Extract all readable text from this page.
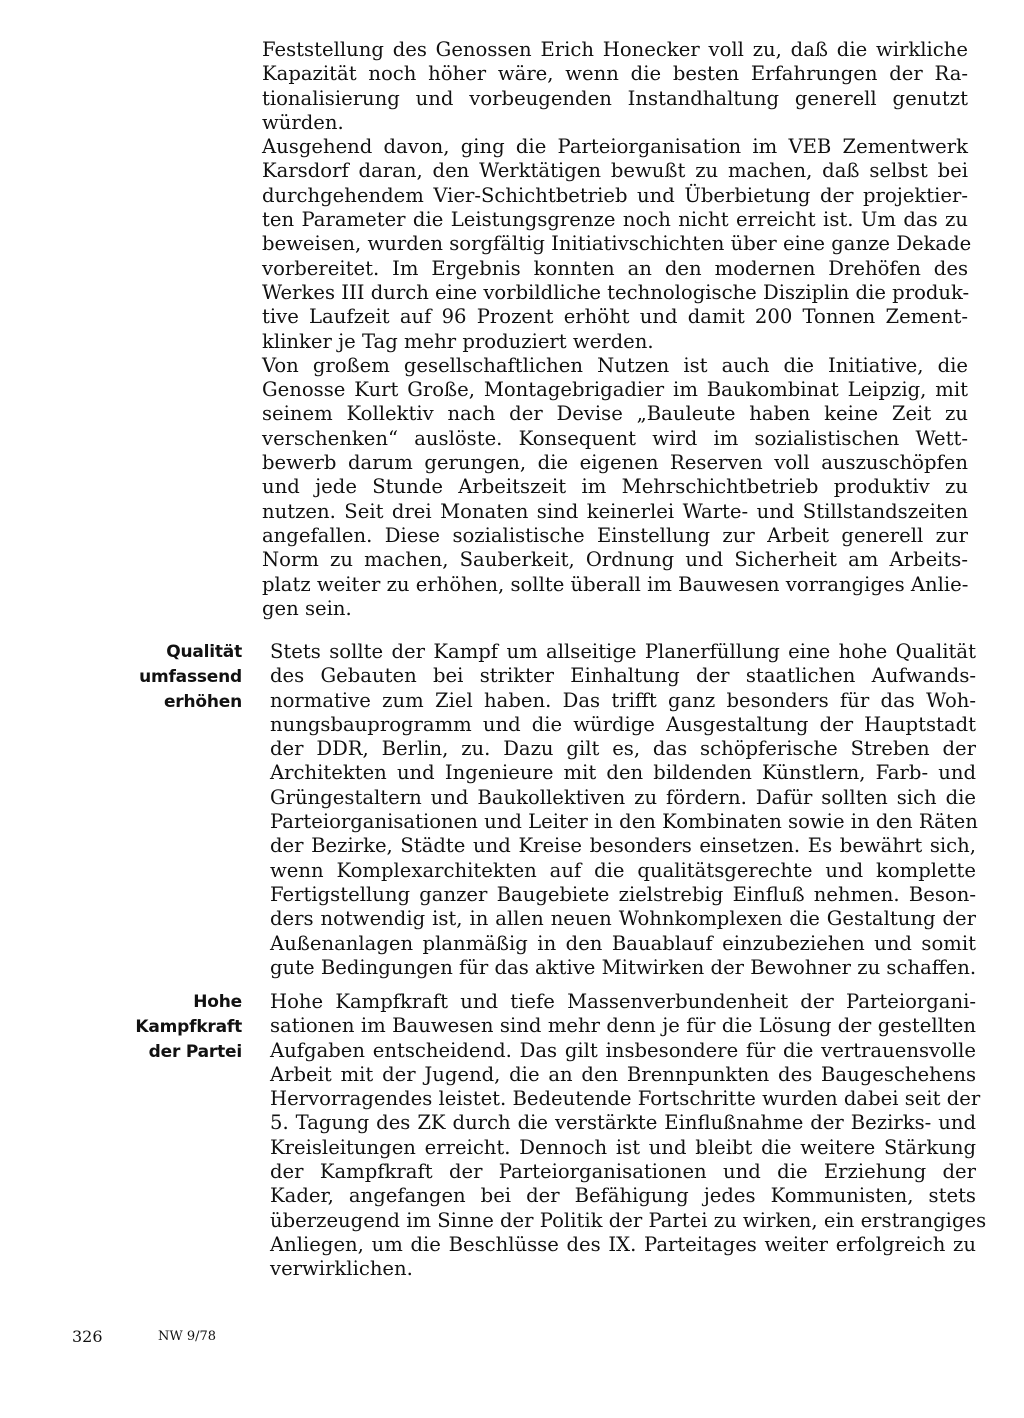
Feststellung des Genossen Erich Honecker voll zu, daß die wirkliche
Kapazität noch höher wäre, wenn die besten Erfahrungen der Ra-
tionalisierung und vorbeugenden Instandhaltung generell genutzt
würden.
Ausgehend davon, ging die Parteiorganisation im VEB Zementwerk
Karsdorf daran, den Werktätigen bewußt zu machen, daß selbst bei
durchgehendem Vier-Schichtbetrieb und Überbietung der projektier-
ten Parameter die Leistungsgrenze noch nicht erreicht ist. Um das zu
beweisen, wurden sorgfältig Initiativschichten über eine ganze Dekade
vorbereitet. Im Ergebnis konnten an den modernen Drehöfen des
Werkes III durch eine vorbildliche technologische Disziplin die produk-
tive Laufzeit auf 96 Prozent erhöht und damit 200 Tonnen Zement-
klinker je Tag mehr produziert werden.
Von großem gesellschaftlichen Nutzen ist auch die Initiative, die
Genosse Kurt Große, Montagebrigadier im Baukombinat Leipzig, mit
seinem Kollektiv nach der Devise „Bauleute haben keine Zeit zu
verschenken“ auslöste. Konsequent wird im sozialistischen Wett-
bewerb darum gerungen, die eigenen Reserven voll auszuschöpfen
und jede Stunde Arbeitszeit im Mehrschichtbetrieb produktiv zu
nutzen. Seit drei Monaten sind keinerlei Warte- und Stillstandszeiten
angefallen. Diese sozialistische Einstellung zur Arbeit generell zur
Norm zu machen, Sauberkeit, Ordnung und Sicherheit am Arbeits-
platz weiter zu erhöhen, sollte überall im Bauwesen vorrangiges Anlie-
gen sein.
Qualität
umfassend
erhöhen
Stets sollte der Kampf um allseitige Planerfüllung eine hohe Qualität
des Gebauten bei strikter Einhaltung der staatlichen Aufwands-
normative zum Ziel haben. Das trifft ganz besonders für das Woh-
nungsbauprogramm und die würdige Ausgestaltung der Hauptstadt
der DDR, Berlin, zu. Dazu gilt es, das schöpferische Streben der
Architekten und Ingenieure mit den bildenden Künstlern, Farb- und
Grüngestaltern und Baukollektiven zu fördern. Dafür sollten sich die
Parteiorganisationen und Leiter in den Kombinaten sowie in den Räten
der Bezirke, Städte und Kreise besonders einsetzen. Es bewährt sich,
wenn Komplexarchitekten auf die qualitätsgerechte und komplette
Fertigstellung ganzer Baugebiete zielstrebig Einfluß nehmen. Beson-
ders notwendig ist, in allen neuen Wohnkomplexen die Gestaltung der
Außenanlagen planmäßig in den Bauablauf einzubeziehen und somit
gute Bedingungen für das aktive Mitwirken der Bewohner zu schaffen.
Hohe
Kampfkraft
der Partei
Hohe Kampfkraft und tiefe Massenverbundenheit der Parteiorgani-
sationen im Bauwesen sind mehr denn je für die Lösung der gestellten
Aufgaben entscheidend. Das gilt insbesondere für die vertrauensvolle
Arbeit mit der Jugend, die an den Brennpunkten des Baugeschehens
Hervorragendes leistet. Bedeutende Fortschritte wurden dabei seit der
5. Tagung des ZK durch die verstärkte Einflußnahme der Bezirks- und
Kreisleitungen erreicht. Dennoch ist und bleibt die weitere Stärkung
der Kampfkraft der Parteiorganisationen und die Erziehung der
Kader, angefangen bei der Befähigung jedes Kommunisten, stets
überzeugend im Sinne der Politik der Partei zu wirken, ein erstrangiges
Anliegen, um die Beschlüsse des IX. Parteitages weiter erfolgreich zu
verwirklichen.
326	NW 9/78
